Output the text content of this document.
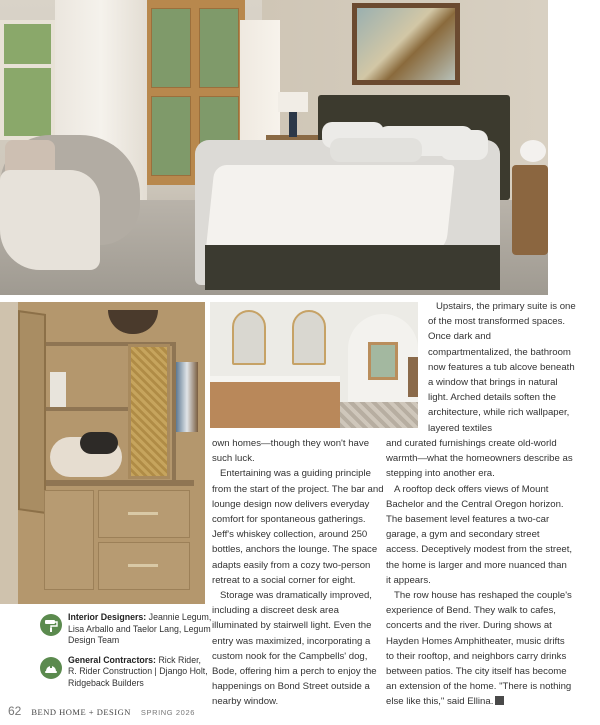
Upstairs, the primary suite is one of the most transformed spaces. Once dark and compartmentalized, the bathroom now features a tub alcove beneath a window that brings in natural light. Arched details soften the architecture, while rich wallpaper, layered textiles

own homes—though they won't have such luck.

Entertaining was a guiding principle from the start of the project. The bar and lounge design now delivers everyday comfort for spontaneous gatherings. Jeff's whiskey collection, around 250 bottles, anchors the lounge. The space adapts easily from a cozy two-person retreat to a social corner for eight.

Storage was dramatically improved, including a discreet desk area illuminated by stairwell light. Even the entry was maximized, incorporating a custom nook for the Campbells' dog, Bode, offering him a perch to enjoy the happenings on Bond Street outside a nearby window.

and curated furnishings create old-world warmth—what the homeowners describe as stepping into another era.

A rooftop deck offers views of Mount Bachelor and the Central Oregon horizon. The basement level features a two-car garage, a gym and secondary street access. Deceptively modest from the street, the home is larger and more nuanced than it appears.

The row house has reshaped the couple's experience of Bend. They walk to cafes, concerts and the river. During shows at Hayden Homes Amphitheater, music drifts to their rooftop, and neighbors carry drinks between patios. The city itself has become an extension of the home. "There is nothing else like this," said Ellina.

Interior Designers: Jeannie Legum, Lisa Arballo and Taelor Lang, Legum Design Team
General Contractors: Rick Rider, R. Rider Construction | Django Holt, Ridgeback Builders
62 BEND HOME + DESIGN SPRING 2026
